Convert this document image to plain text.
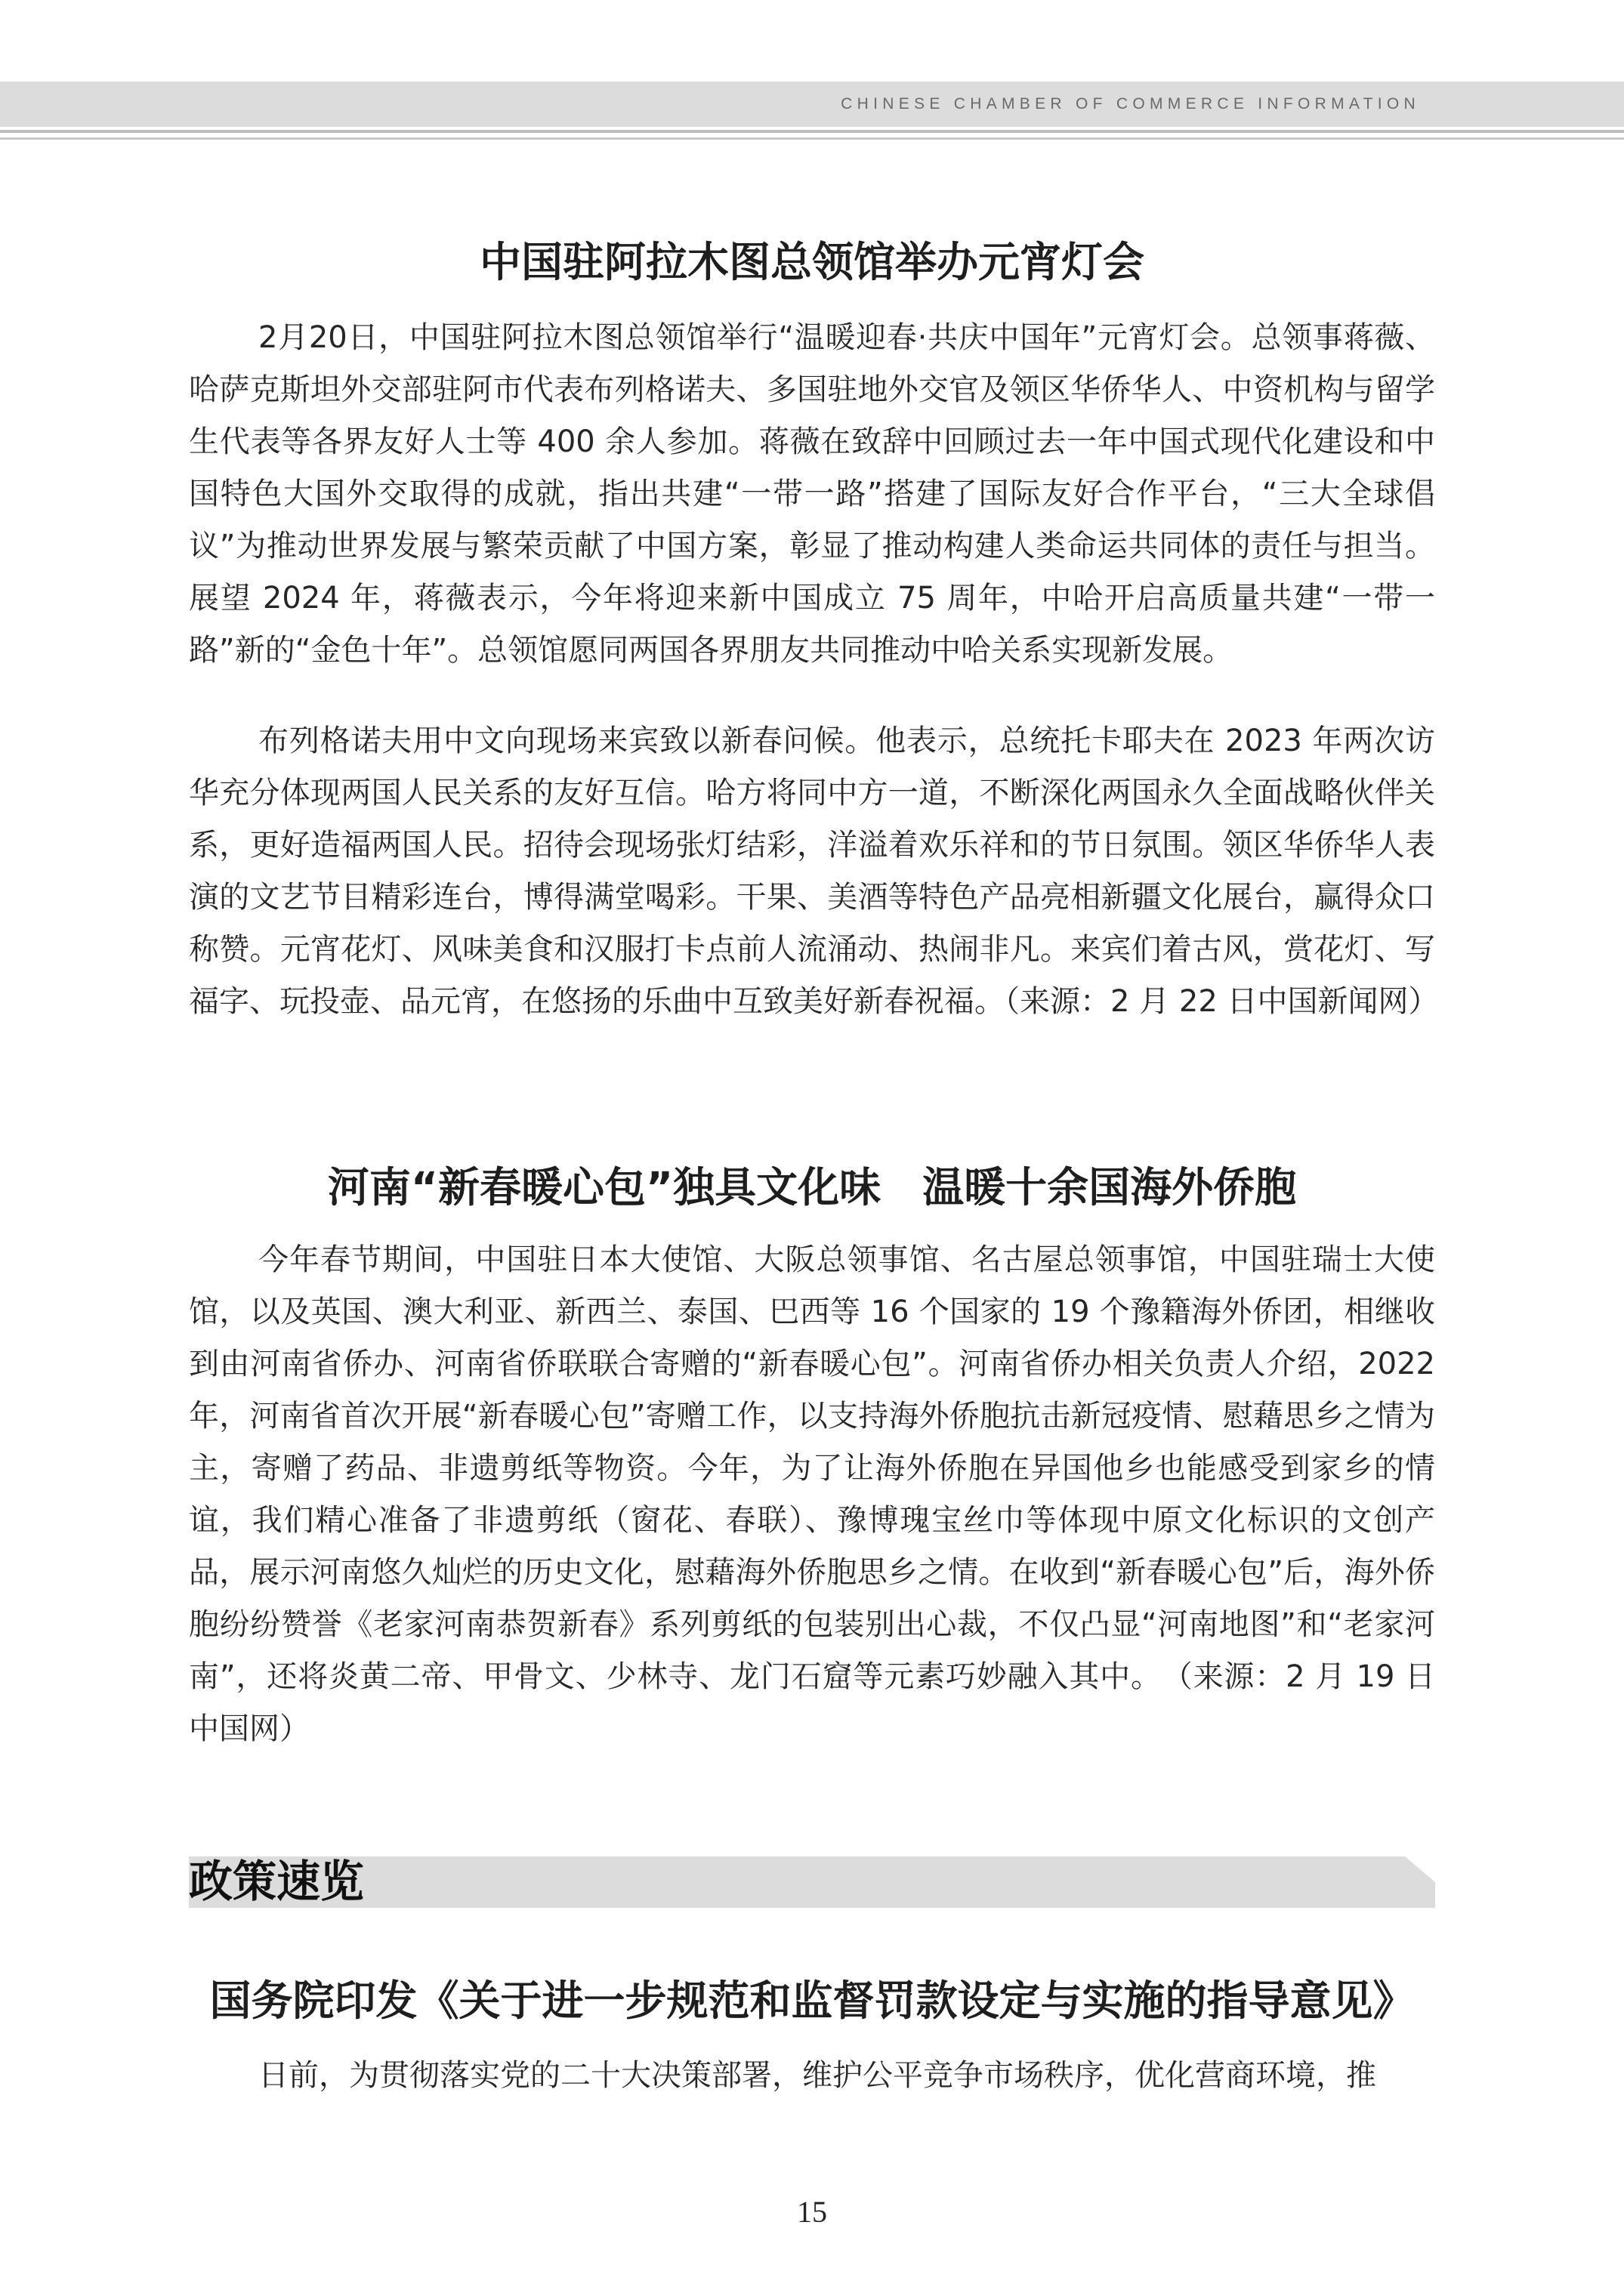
CHINESE CHAMBER OF COMMERCE INFORMATION
中国驻阿拉木图总领馆举办元宵灯会

2月20日，中国驻阿拉木图总领馆举行“温暖迎春·共庆中国年”元宵灯会。总领事蒋薇、哈萨克斯坦外交部驻阿市代表布列格诺夫、多国驻地外交官及领区华侨华人、中资机构与留学生代表等各界友好人士等 400 余人参加。蒋薇在致辞中回顾过去一年中国式现代化建设和中国特色大国外交取得的成就，指出共建“一带一路”搭建了国际友好合作平台，“三大全球倡议”为推动世界发展与繁荣贡献了中国方案，彰显了推动构建人类命运共同体的责任与担当。展望 2024 年，蒋薇表示，今年将迎来新中国成立 75 周年，中哈开启高质量共建“一带一路”新的“金色十年”。总领馆愿同两国各界朋友共同推动中哈关系实现新发展。

布列格诺夫用中文向现场来宾致以新春问候。他表示，总统托卡耶夫在 2023 年两次访华充分体现两国人民关系的友好互信。哈方将同中方一道，不断深化两国永久全面战略伙伴关系，更好造福两国人民。招待会现场张灯结彩，洋溢着欢乐祥和的节日氛围。领区华侨华人表演的文艺节目精彩连台，博得满堂喝彩。干果、美酒等特色产品亮相新疆文化展台，赢得众口称赞。元宵花灯、风味美食和汉服打卡点前人流涌动、热闹非凡。来宾们着古风，赏花灯、写福字、玩投壶、品元宵，在悠扬的乐曲中互致美好新春祝福。（来源：2 月 22 日中国新闻网）

河南“新春暖心包”独具文化味　温暖十余国海外侨胞

今年春节期间，中国驻日本大使馆、大阪总领事馆、名古屋总领事馆，中国驻瑞士大使馆，以及英国、澳大利亚、新西兰、泰国、巴西等 16 个国家的 19 个豫籍海外侨团，相继收到由河南省侨办、河南省侨联联合寄赠的“新春暖心包”。河南省侨办相关负责人介绍，2022 年，河南省首次开展“新春暖心包”寄赠工作，以支持海外侨胞抗击新冠疫情、慰藉思乡之情为主，寄赠了药品、非遗剪纸等物资。今年，为了让海外侨胞在异国他乡也能感受到家乡的情谊，我们精心准备了非遗剪纸（窗花、春联）、豫博瑰宝丝巾等体现中原文化标识的文创产品，展示河南悠久灿烂的历史文化，慰藉海外侨胞思乡之情。在收到“新春暖心包”后，海外侨胞纷纷赞誉《老家河南恭贺新春》系列剪纸的包装别出心裁，不仅凸显“河南地图”和“老家河南”，还将炎黄二帝、甲骨文、少林寺、龙门石窟等元素巧妙融入其中。　（来源：2 月 19 日中国网）

政策速览
国务院印发《关于进一步规范和监督罚款设定与实施的指导意见》

日前，为贯彻落实党的二十大决策部署，维护公平竞争市场秩序，优化营商环境，推

15
